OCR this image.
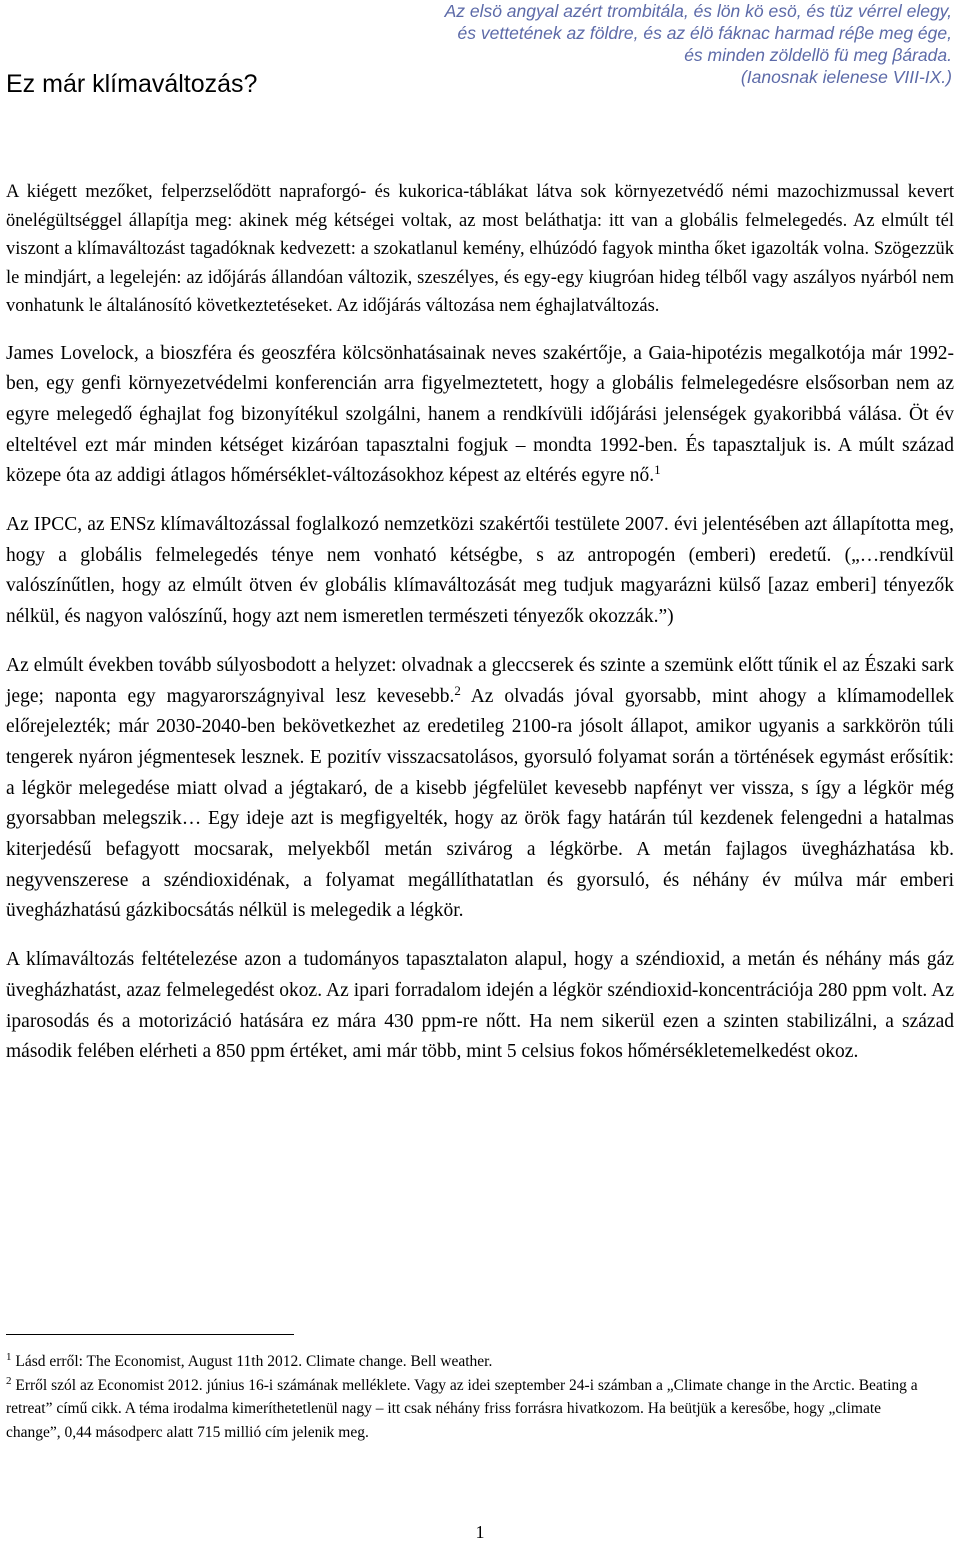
Az elsö angyal azért trombitála, és lön kö esö, és tüz vérrel elegy,
és vettetének az földre, és az élö fáknac harmad réβe meg ége,
és minden zöldellö fü meg βárada.
(Ianosnak ielenese VIII-IX.)
Ez már klímaváltozás?

A kiégett mezőket, felperzselődött napraforgó- és kukorica-táblákat látva sok környezetvédő némi mazochizmussal kevert önelégültséggel állapítja meg: akinek még kétségei voltak, az most beláthatja: itt van a globális felmelegedés. Az elmúlt tél viszont a klímaváltozást tagadóknak kedvezett: a szokatlanul kemény, elhúzódó fagyok mintha őket igazolták volna. Szögezzük le mindjárt, a legelején: az időjárás állandóan változik, szeszélyes, és egy-egy kiugróan hideg télből vagy aszályos nyárból nem vonhatunk le általánosító következtetéseket. Az időjárás változása nem éghajlatváltozás.

James Lovelock, a bioszféra és geoszféra kölcsönhatásainak neves szakértője, a Gaia-hipotézis megalkotója már 1992-ben, egy genfi környezetvédelmi konferencián arra figyelmeztetett, hogy a globális felmelegedésre elsősorban nem az egyre melegedő éghajlat fog bizonyítékul szolgálni, hanem a rendkívüli időjárási jelenségek gyakoribbá válása. Öt év elteltével ezt már minden kétséget kizáróan tapasztalni fogjuk – mondta 1992-ben. És tapasztaljuk is. A múlt század közepe óta az addigi átlagos hőmérséklet-változásokhoz képest az eltérés egyre nő.$^1$

Az IPCC, az ENSz klímaváltozással foglalkozó nemzetközi szakértői testülete 2007. évi jelentésében azt állapította meg, hogy a globális felmelegedés ténye nem vonható kétségbe, s az antropogén (emberi) eredetű. („…rendkívül valószínűtlen, hogy az elmúlt ötven év globális klímaváltozását meg tudjuk magyarázni külső [azaz emberi] tényezők nélkül, és nagyon valószínű, hogy azt nem ismeretlen természeti tényezők okozzák.”)

Az elmúlt években tovább súlyosbodott a helyzet: olvadnak a gleccserek és szinte a szemünk előtt tűnik el az Északi sark jege; naponta egy magyarországnyival lesz kevesebb.$^2$ Az olvadás jóval gyorsabb, mint ahogy a klímamodellek előrejelezték; már 2030-2040-ben bekövetkezhet az eredetileg 2100-ra jósolt állapot, amikor ugyanis a sarkkörön túli tengerek nyáron jégmentesek lesznek. E pozitív visszacsatolásos, gyorsuló folyamat során a történések egymást erősítik: a légkör melegedése miatt olvad a jégtakaró, de a kisebb jégfelület kevesebb napfényt ver vissza, s így a légkör még gyorsabban melegszik… Egy ideje azt is megfigyelték, hogy az örök fagy határán túl kezdenek felengedni a hatalmas kiterjedésű befagyott mocsarak, melyekből metán szivárog a légkörbe. A metán fajlagos üvegházhatása kb. negyvenszerese a széndioxidénak, a folyamat megállíthatatlan és gyorsuló, és néhány év múlva már emberi üvegházhatású gázkibocsátás nélkül is melegedik a légkör.

A klímaváltozás feltételezése azon a tudományos tapasztalaton alapul, hogy a széndioxid, a metán és néhány más gáz üvegházhatást, azaz felmelegedést okoz. Az ipari forradalom idején a légkör széndioxid-koncentrációja 280 ppm volt. Az iparosodás és a motorizáció hatására ez mára 430 ppm-re nőtt. Ha nem sikerül ezen a szinten stabilizálni, a század második felében elérheti a 850 ppm értéket, ami már több, mint 5 celsius fokos hőmérsékletemelkedést okoz.

$^1$ Lásd erről: The Economist, August 11th 2012. Climate change. Bell weather.

$^2$ Erről szól az Economist 2012. június 16-i számának melléklete. Vagy az idei szeptember 24-i számban a „Climate change in the Arctic. Beating a retreat” című cikk. A téma irodalma kimeríthetetlenül nagy – itt csak néhány friss forrásra hivatkozom. Ha beütjük a keresőbe, hogy „climate change”, 0,44 másodperc alatt 715 millió cím jelenik meg.

1
